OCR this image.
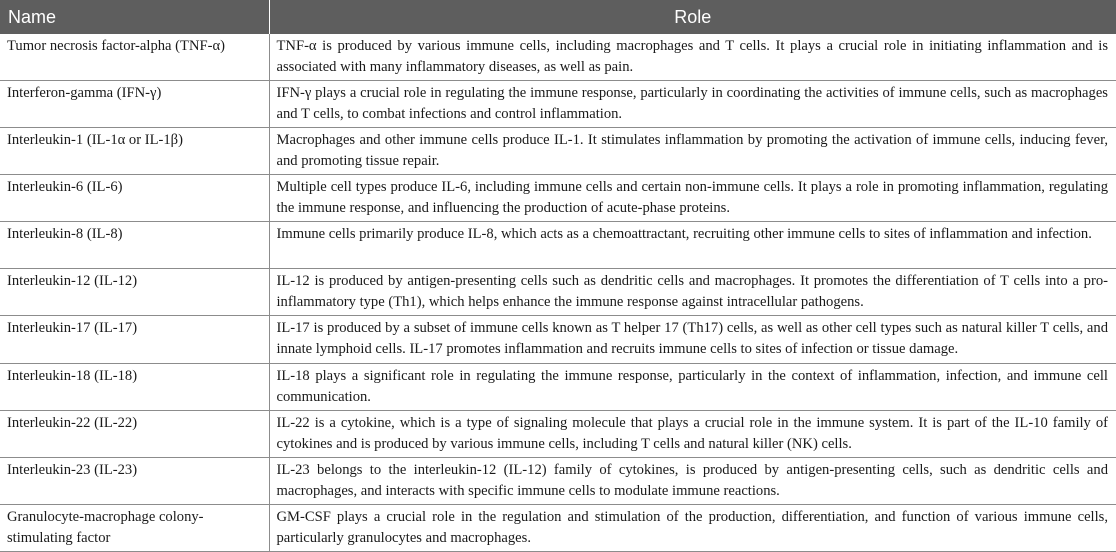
Name	Role
Tumor necrosis factor-alpha (TNF-α)	TNF-α is produced by various immune cells, including macrophages and T cells. It plays a crucial role in initiating inflammation and is associated with many inflammatory diseases, as well as pain.
Interferon-gamma (IFN-γ)	IFN-γ plays a crucial role in regulating the immune response, particularly in coordinating the activities of immune cells, such as macrophages and T cells, to combat infections and control inflammation.
Interleukin-1 (IL-1α or IL-1β)	Macrophages and other immune cells produce IL-1. It stimulates inflammation by promoting the activation of immune cells, inducing fever, and promoting tissue repair.
Interleukin-6 (IL-6)	Multiple cell types produce IL-6, including immune cells and certain non-immune cells. It plays a role in promoting inflammation, regulating the immune response, and influencing the production of acute-phase proteins.
Interleukin-8 (IL-8)	Immune cells primarily produce IL-8, which acts as a chemoattractant, recruiting other immune cells to sites of inflammation and infection.
Interleukin-12 (IL-12)	IL-12 is produced by antigen-presenting cells such as dendritic cells and macrophages. It promotes the differentiation of T cells into a pro-inflammatory type (Th1), which helps enhance the immune response against intracellular pathogens.
Interleukin-17 (IL-17)	IL-17 is produced by a subset of immune cells known as T helper 17 (Th17) cells, as well as other cell types such as natural killer T cells, and innate lymphoid cells. IL-17 promotes inflammation and recruits immune cells to sites of infection or tissue damage.
Interleukin-18 (IL-18)	IL-18 plays a significant role in regulating the immune response, particularly in the context of inflammation, infection, and immune cell communication.
Interleukin-22 (IL-22)	IL-22 is a cytokine, which is a type of signaling molecule that plays a crucial role in the immune system. It is part of the IL-10 family of cytokines and is produced by various immune cells, including T cells and natural killer (NK) cells.
Interleukin-23 (IL-23)	IL-23 belongs to the interleukin-12 (IL-12) family of cytokines, is produced by antigen-presenting cells, such as dendritic cells and macrophages, and interacts with specific immune cells to modulate immune reactions.
Granulocyte-macrophage colony-stimulating factor	GM-CSF plays a crucial role in the regulation and stimulation of the production, differentiation, and function of various immune cells, particularly granulocytes and macrophages.
